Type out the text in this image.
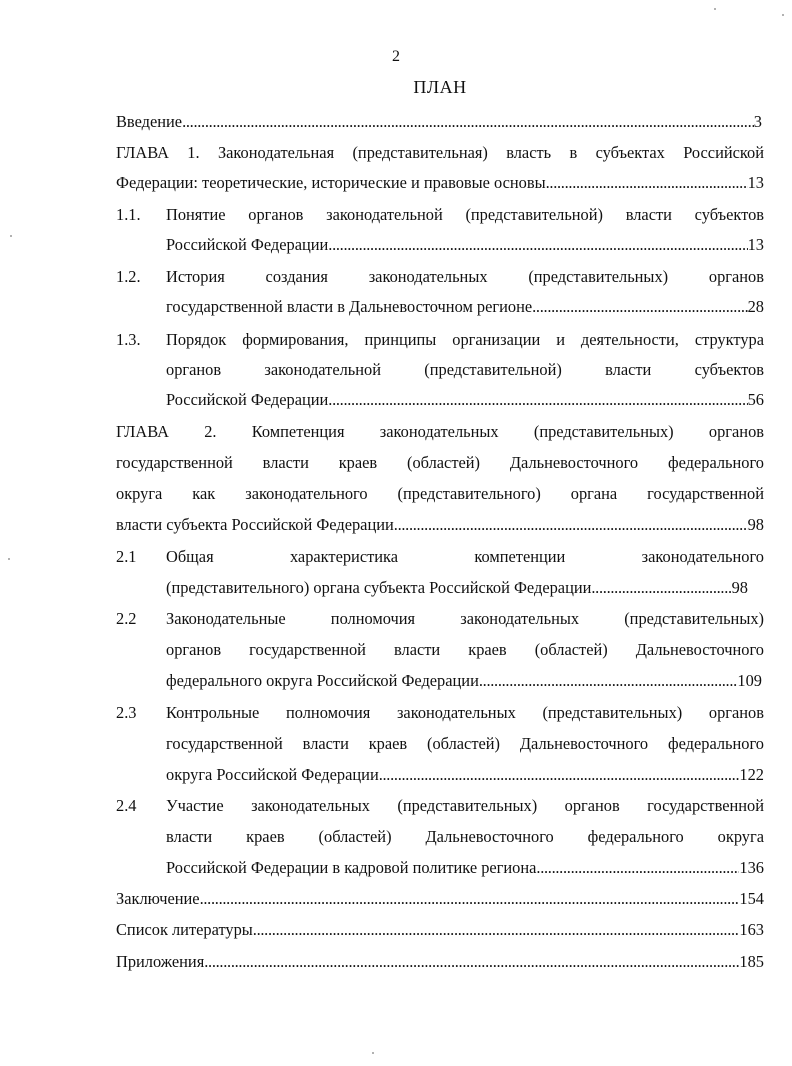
2
ПЛАН
Введение . . .	3
ГЛАВА 1. Законодательная (представительная) власть в субъектах Российской
Федерации: теоретические, исторические и правовые основы . . .	13
1.1. Понятие органов законодательной (представительной) власти субъектов
Российской Федерации . . .	13
1.2. История создания законодательных (представительных) органов
государственной власти в Дальневосточном регионе . . .	28
1.3. Порядок формирования, принципы организации и деятельности, структура
органов законодательной (представительной) власти субъектов
Российской Федерации . . .	56
ГЛАВА 2. Компетенция законодательных (представительных) органов
государственной власти краев (областей) Дальневосточного федерального
округа как законодательного (представительного) органа государственной
власти субъекта Российской Федерации . . .	98
2.1 Общая характеристика компетенции законодательного
(представительного) органа субъекта Российской Федерации . . .	98
2.2 Законодательные полномочия законодательных (представительных)
органов государственной власти краев (областей) Дальневосточного
федерального округа Российской Федерации . . .	109
2.3 Контрольные полномочия законодательных (представительных) органов
государственной власти краев (областей) Дальневосточного федерального
округа Российской Федерации . . .	122
2.4 Участие законодательных (представительных) органов государственной
власти краев (областей) Дальневосточного федерального округа
Российской Федерации в кадровой политике региона . . .	136
Заключение . . .	154
Список литературы . . .	163
Приложения . . .	185
